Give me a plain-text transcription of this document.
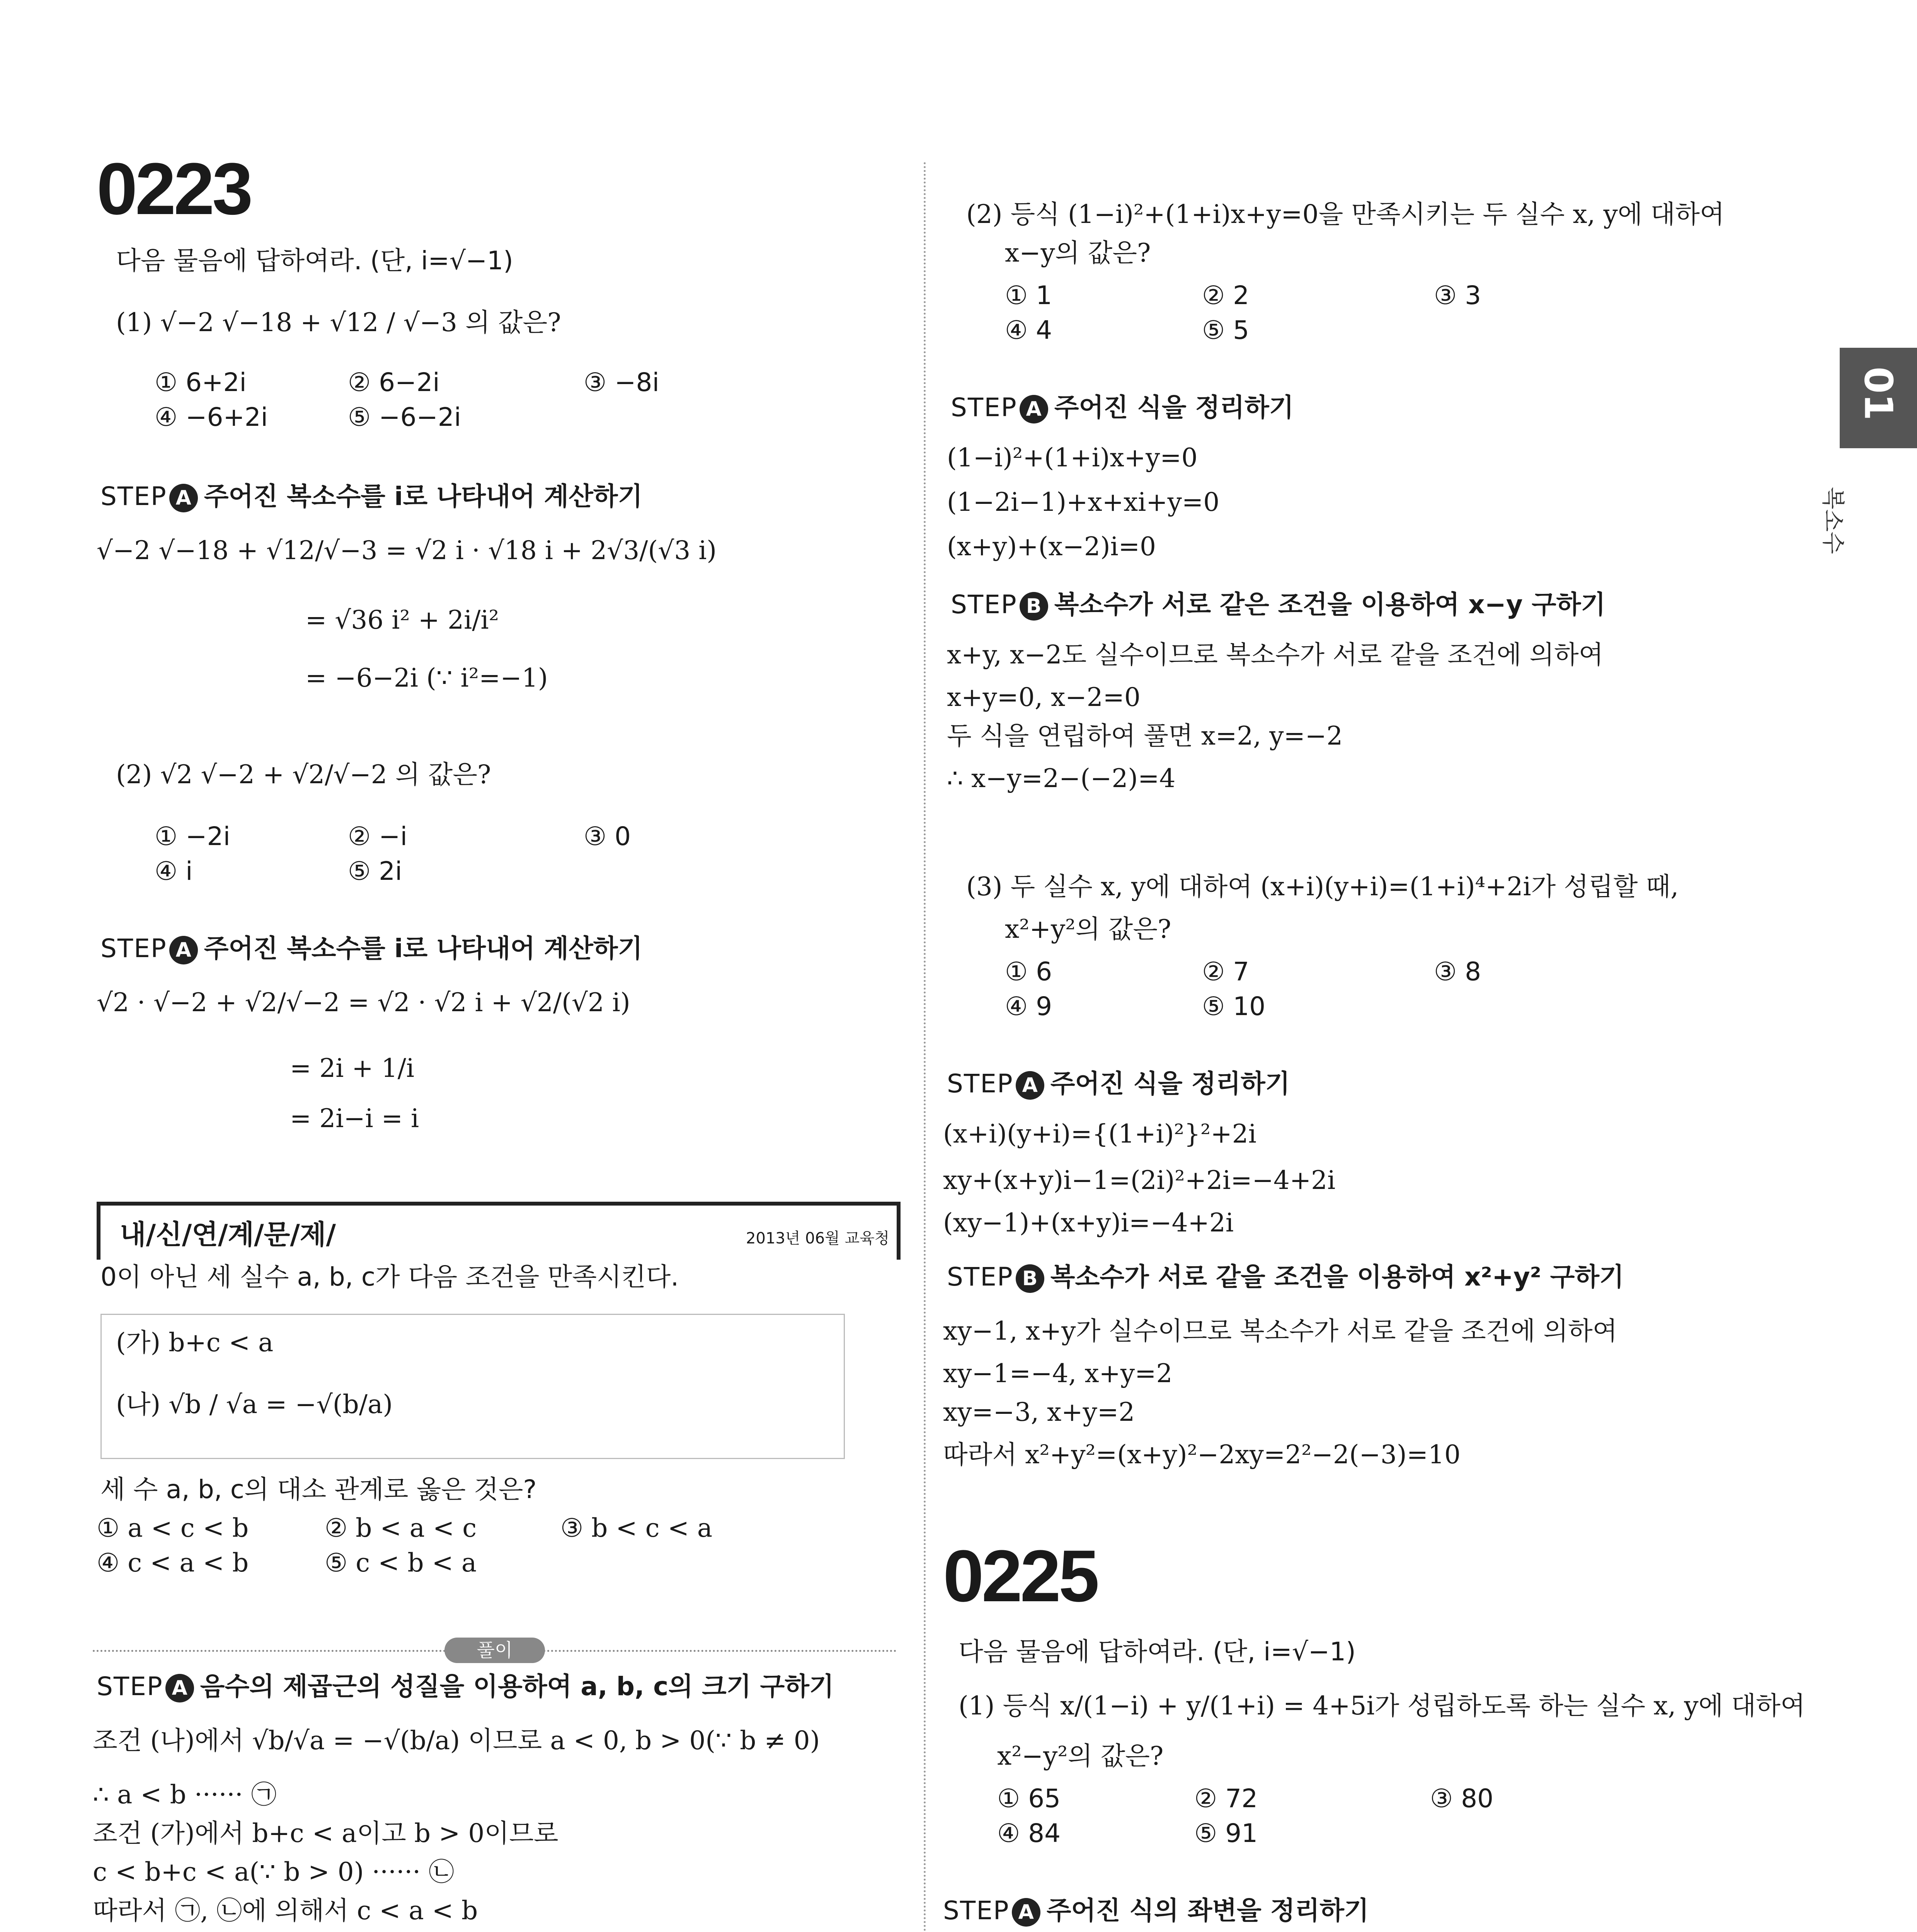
01
복소수
0223
다음 물음에 답하여라. (단, i=√−1)
(1) √−2 √−18 + √12 / √−3 의 값은?
① 6+2i	② 6−2i	③ −8i
④ −6+2i	⑤ −6−2i
STEP A 주어진 복소수를 i로 나타내어 계산하기
√−2 √−18 + √12/√−3 = √2 i · √18 i + 2√3/(√3 i)
= √36 i² + 2i/i²
= −6−2i (∵ i²=−1)
(2) √2 √−2 + √2/√−2 의 값은?
① −2i	② −i	③ 0
④ i	⑤ 2i
STEP A 주어진 복소수를 i로 나타내어 계산하기
√2 · √−2 + √2/√−2 = √2 · √2 i + √2/(√2 i)
= 2i + 1/i
= 2i−i = i
내/신/연/계/문/제/	2013년 06월 교육청
0이 아닌 세 실수 a, b, c가 다음 조건을 만족시킨다.
(가) b+c < a
(나) √b / √a = −√(b/a)
세 수 a, b, c의 대소 관계로 옳은 것은?
① a < c < b	② b < a < c	③ b < c < a
④ c < a < b	⑤ c < b < a
풀이
STEP A 음수의 제곱근의 성질을 이용하여 a, b, c의 크기 구하기
조건 (나)에서 √b/√a = −√(b/a) 이므로 a < 0, b > 0(∵ b ≠ 0)
∴ a < b ······ ㉠
조건 (가)에서 b+c < a이고 b > 0이므로
c < b+c < a(∵ b > 0) ······ ㉡
따라서 ㉠, ㉡에 의해서 c < a < b
(2) 등식 (1−i)²+(1+i)x+y=0을 만족시키는 두 실수 x, y에 대하여
x−y의 값은?
① 1	② 2	③ 3
④ 4	⑤ 5
STEP A 주어진 식을 정리하기
(1−i)²+(1+i)x+y=0
(1−2i−1)+x+xi+y=0
(x+y)+(x−2)i=0
STEP B 복소수가 서로 같은 조건을 이용하여 x−y 구하기
x+y, x−2도 실수이므로 복소수가 서로 같을 조건에 의하여
x+y=0, x−2=0
두 식을 연립하여 풀면 x=2, y=−2
∴ x−y=2−(−2)=4
(3) 두 실수 x, y에 대하여 (x+i)(y+i)=(1+i)⁴+2i가 성립할 때,
x²+y²의 값은?
① 6	② 7	③ 8
④ 9	⑤ 10
STEP A 주어진 식을 정리하기
(x+i)(y+i)={(1+i)²}²+2i
xy+(x+y)i−1=(2i)²+2i=−4+2i
(xy−1)+(x+y)i=−4+2i
STEP B 복소수가 서로 같을 조건을 이용하여 x²+y² 구하기
xy−1, x+y가 실수이므로 복소수가 서로 같을 조건에 의하여
xy−1=−4, x+y=2
xy=−3, x+y=2
따라서 x²+y²=(x+y)²−2xy=2²−2(−3)=10
0225
다음 물음에 답하여라. (단, i=√−1)
(1) 등식 x/(1−i) + y/(1+i) = 4+5i가 성립하도록 하는 실수 x, y에 대하여
x²−y²의 값은?
① 65	② 72	③ 80
④ 84	⑤ 91
STEP A 주어진 식의 좌변을 정리하기
